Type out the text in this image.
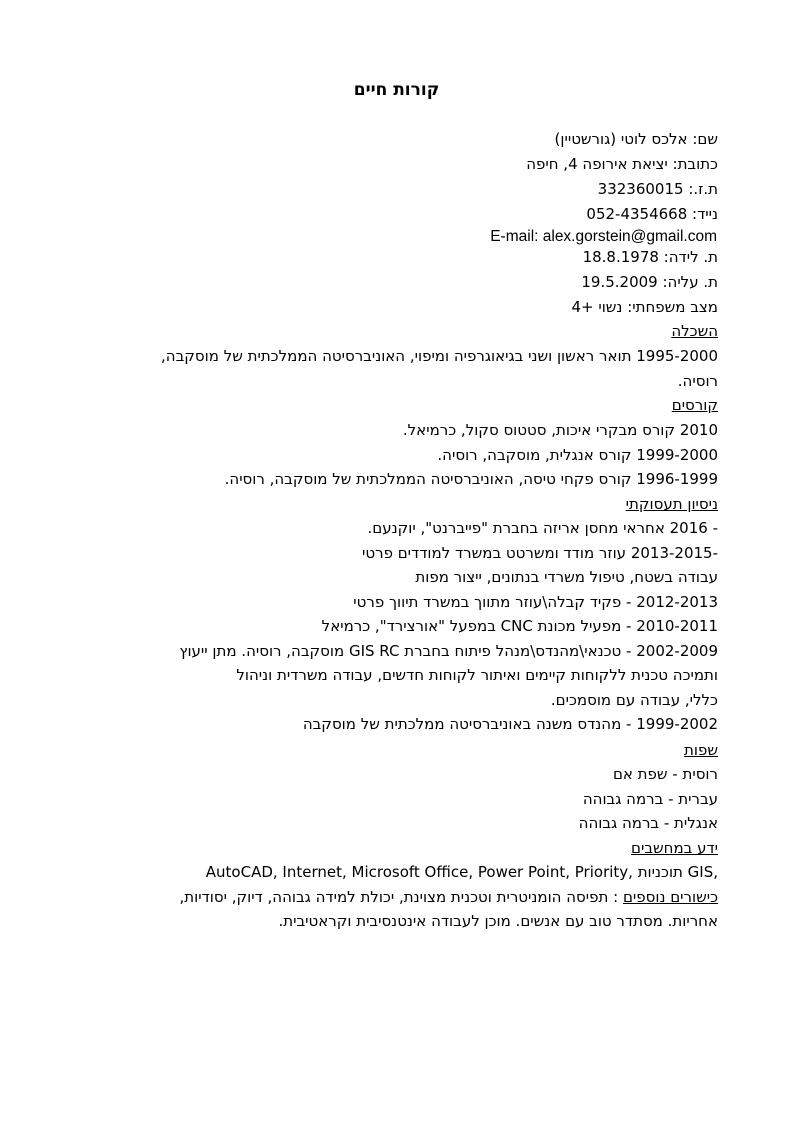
קורות חיים
שם: אלכס לוטי (גורשטיין)
כתובת: יציאת אירופה 4, חיפה
ת.ז.: 332360015
נייד: 052-4354668
E-mail: alex.gorstein@gmail.com
ת. לידה: 18.8.1978
ת. עליה: 19.5.2009
מצב משפחתי: נשוי +4
השכלה
1995-2000 תואר ראשון ושני בגיאוגרפיה ומיפוי, האוניברסיטה הממלכתית של מוסקבה,
רוסיה.
קורסים
2010 קורס מבקרי איכות, סטטוס סקול, כרמיאל.
1999-2000 קורס אנגלית, מוסקבה, רוסיה.
1996-1999 קורס פקחי טיסה, האוניברסיטה הממלכתית של מוסקבה, רוסיה.
ניסיון תעסוקתי
- 2016 אחראי מחסן אריזה בחברת "פייברנט", יוקנעם.
-2013-2015 עוזר מודד ומשרטט במשרד למודדים פרטי
עבודה בשטח, טיפול משרדי בנתונים, ייצור מפות
2012-2013 - פקיד קבלה\עוזר מתווך במשרד תיווך פרטי
2010-2011 - מפעיל מכונת CNC במפעל "אורצירד", כרמיאל
2002-2009 - טכנאי\מהנדס\מנהל פיתוח בחברת GIS RC מוסקבה, רוסיה. מתן ייעוץ
ותמיכה טכנית ללקוחות קיימים ואיתור לקוחות חדשים, עבודה משרדית וניהול
כללי, עבודה עם מוסמכים.
1999-2002 - מהנדס משנה באוניברסיטה ממלכתית של מוסקבה
שפות
רוסית - שפת אם
עברית - ברמה גבוהה
אנגלית - ברמה גבוהה
ידע במחשבים
AutoCAD, Internet, Microsoft Office, Power Point, Priority, תוכניות GIS,
כישורים נוספים : תפיסה הומניטרית וטכנית מצוינת, יכולת למידה גבוהה, דיוק, יסודיות,
אחריות. מסתדר טוב עם אנשים. מוכן לעבודה אינטנסיבית וקראטיבית.
